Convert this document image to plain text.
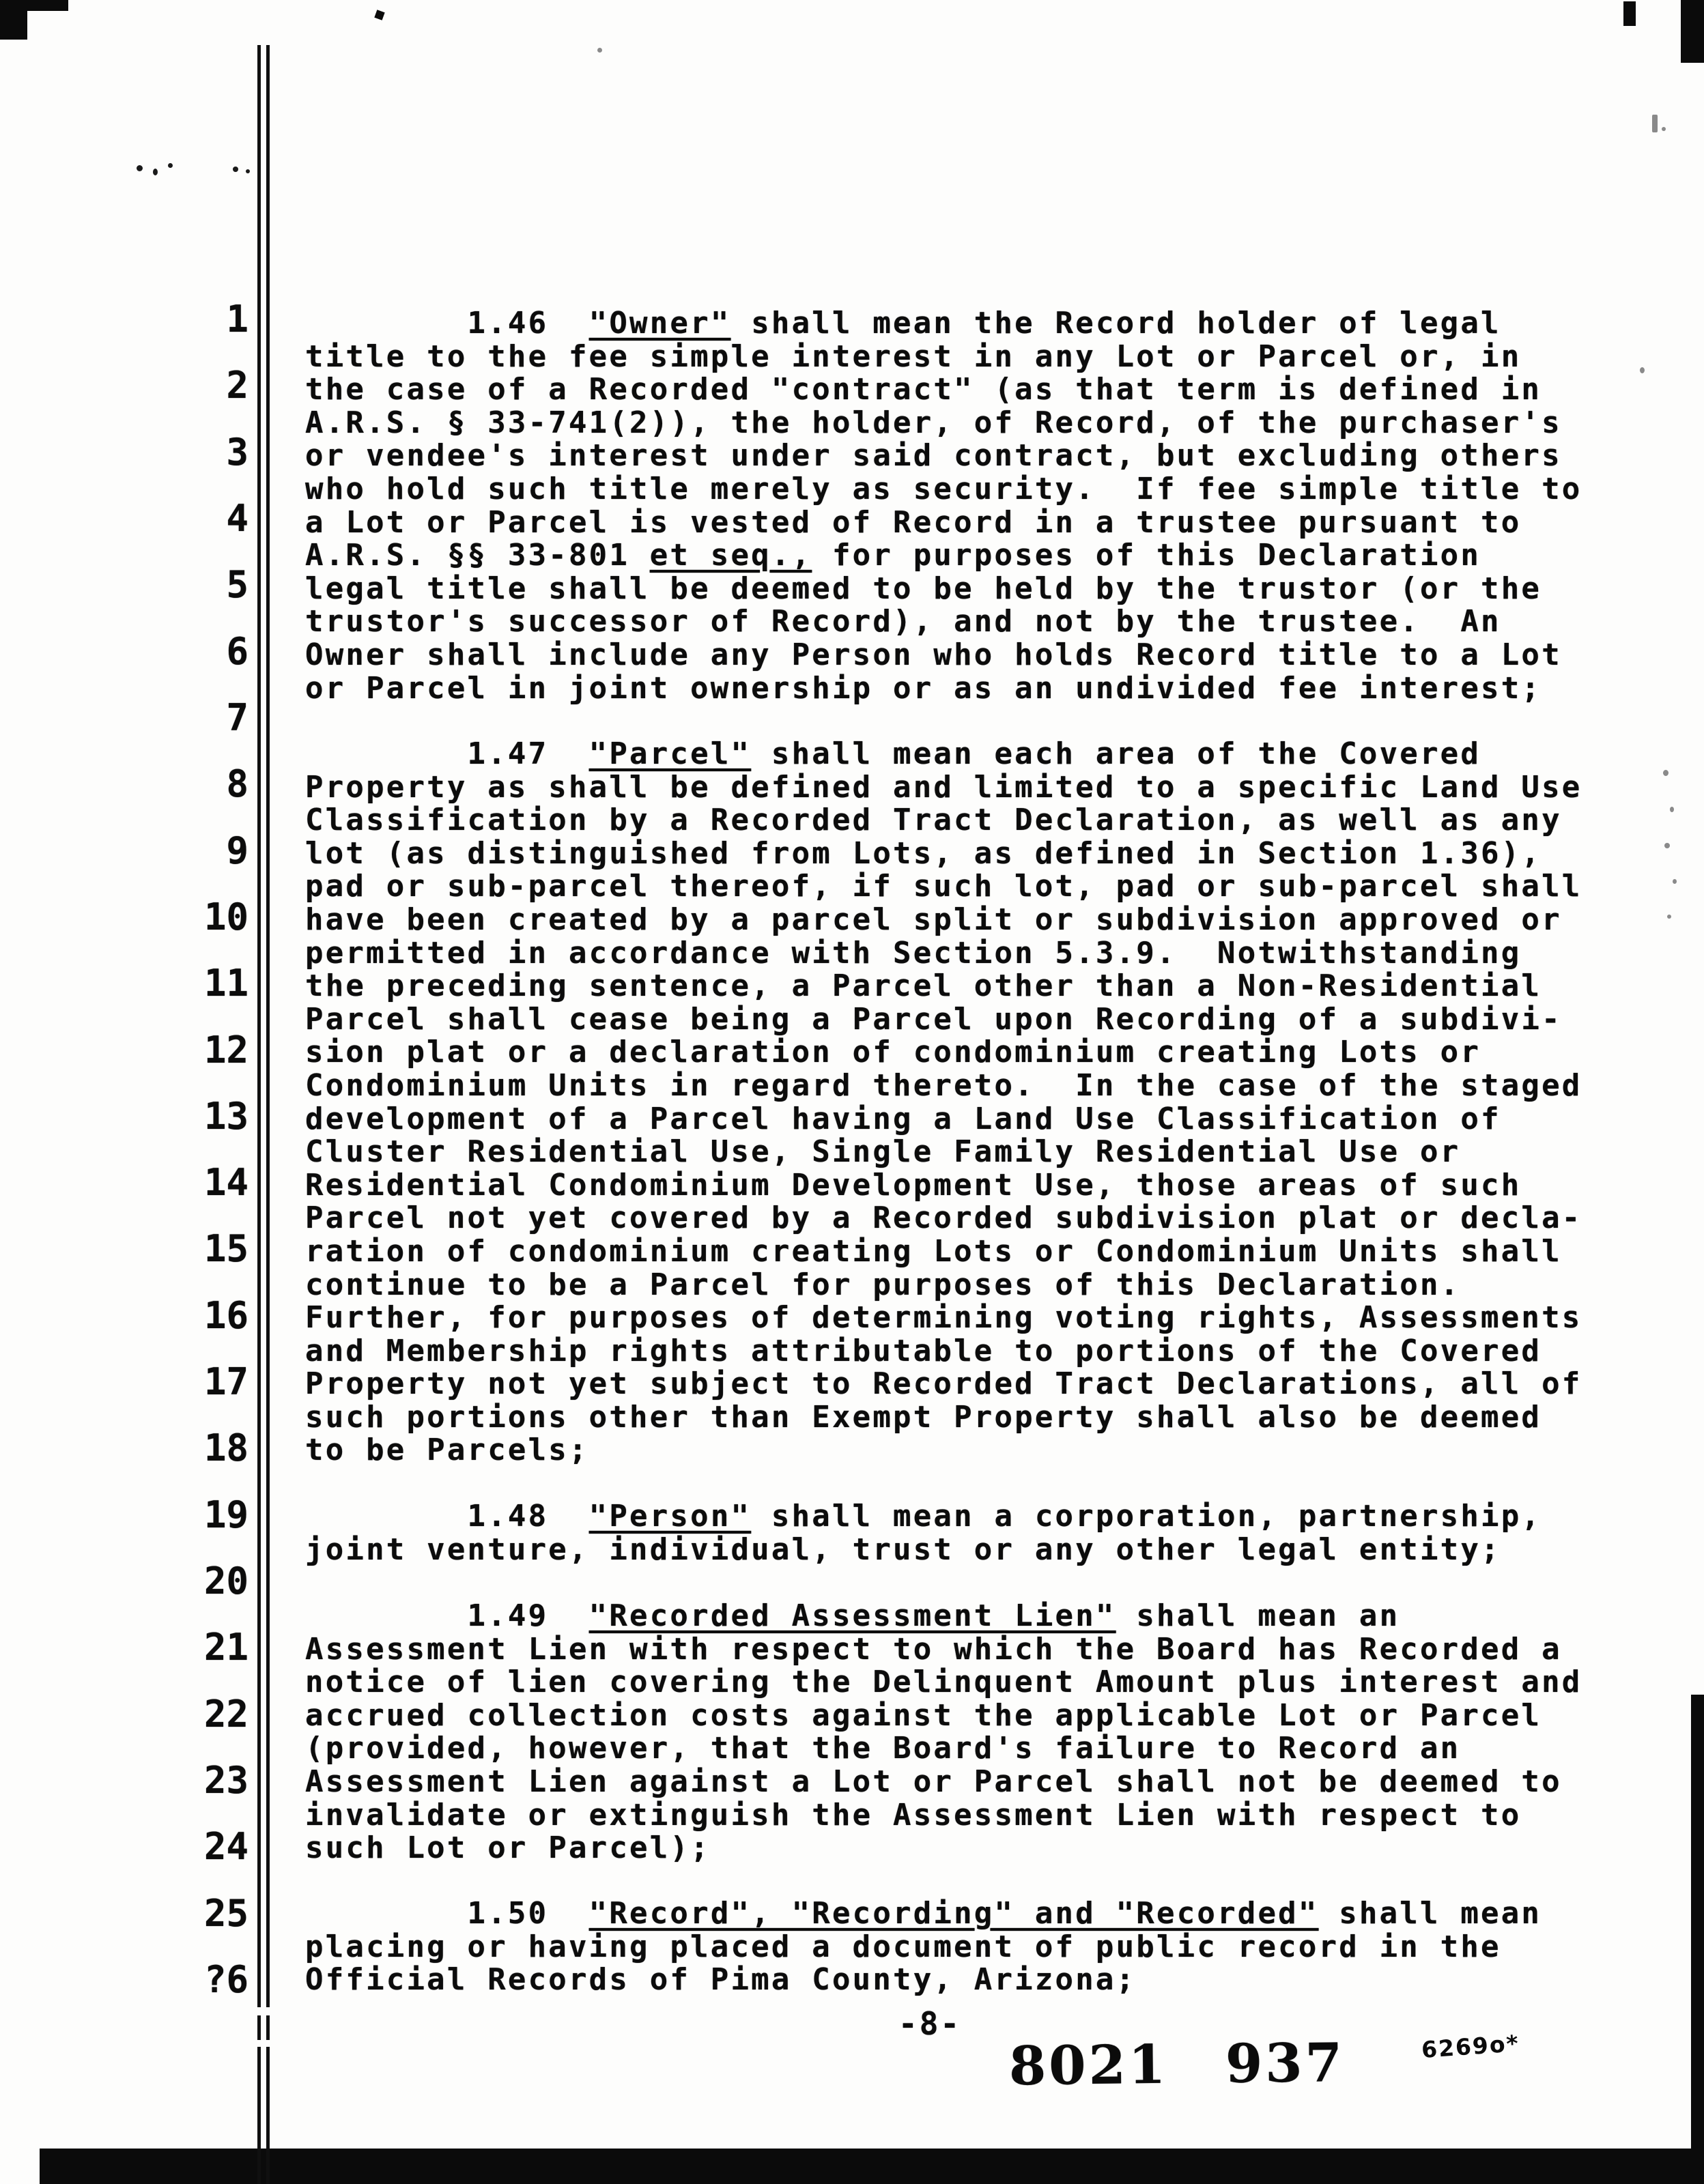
1
2
3
4
5
6
7
8
9
10
11
12
13
14
15
16
17
18
19
20
21
22
23
24
25
?6
1.46  "Owner" shall mean the Record holder of legal
title to the fee simple interest in any Lot or Parcel or, in
the case of a Recorded "contract" (as that term is defined in
A.R.S. § 33-741(2)), the holder, of Record, of the purchaser's
or vendee's interest under said contract, but excluding others
who hold such title merely as security.  If fee simple title to
a Lot or Parcel is vested of Record in a trustee pursuant to
A.R.S. §§ 33-801 et seq., for purposes of this Declaration
legal title shall be deemed to be held by the trustor (or the
trustor's successor of Record), and not by the trustee.  An
Owner shall include any Person who holds Record title to a Lot
or Parcel in joint ownership or as an undivided fee interest;
1.47  "Parcel" shall mean each area of the Covered
Property as shall be defined and limited to a specific Land Use
Classification by a Recorded Tract Declaration, as well as any
lot (as distinguished from Lots, as defined in Section 1.36),
pad or sub-parcel thereof, if such lot, pad or sub-parcel shall
have been created by a parcel split or subdivision approved or
permitted in accordance with Section 5.3.9.  Notwithstanding
the preceding sentence, a Parcel other than a Non-Residential
Parcel shall cease being a Parcel upon Recording of a subdivi-
sion plat or a declaration of condominium creating Lots or
Condominium Units in regard thereto.  In the case of the staged
development of a Parcel having a Land Use Classification of
Cluster Residential Use, Single Family Residential Use or
Residential Condominium Development Use, those areas of such
Parcel not yet covered by a Recorded subdivision plat or decla-
ration of condominium creating Lots or Condominium Units shall
continue to be a Parcel for purposes of this Declaration.
Further, for purposes of determining voting rights, Assessments
and Membership rights attributable to portions of the Covered
Property not yet subject to Recorded Tract Declarations, all of
such portions other than Exempt Property shall also be deemed
to be Parcels;
1.48  "Person" shall mean a corporation, partnership,
joint venture, individual, trust or any other legal entity;
1.49  "Recorded Assessment Lien" shall mean an
Assessment Lien with respect to which the Board has Recorded a
notice of lien covering the Delinquent Amount plus interest and
accrued collection costs against the applicable Lot or Parcel
(provided, however, that the Board's failure to Record an
Assessment Lien against a Lot or Parcel shall not be deemed to
invalidate or extinguish the Assessment Lien with respect to
such Lot or Parcel);
1.50  "Record", "Recording" and "Recorded" shall mean
placing or having placed a document of public record in the
Official Records of Pima County, Arizona;
-8-
8021 937	6269o*
